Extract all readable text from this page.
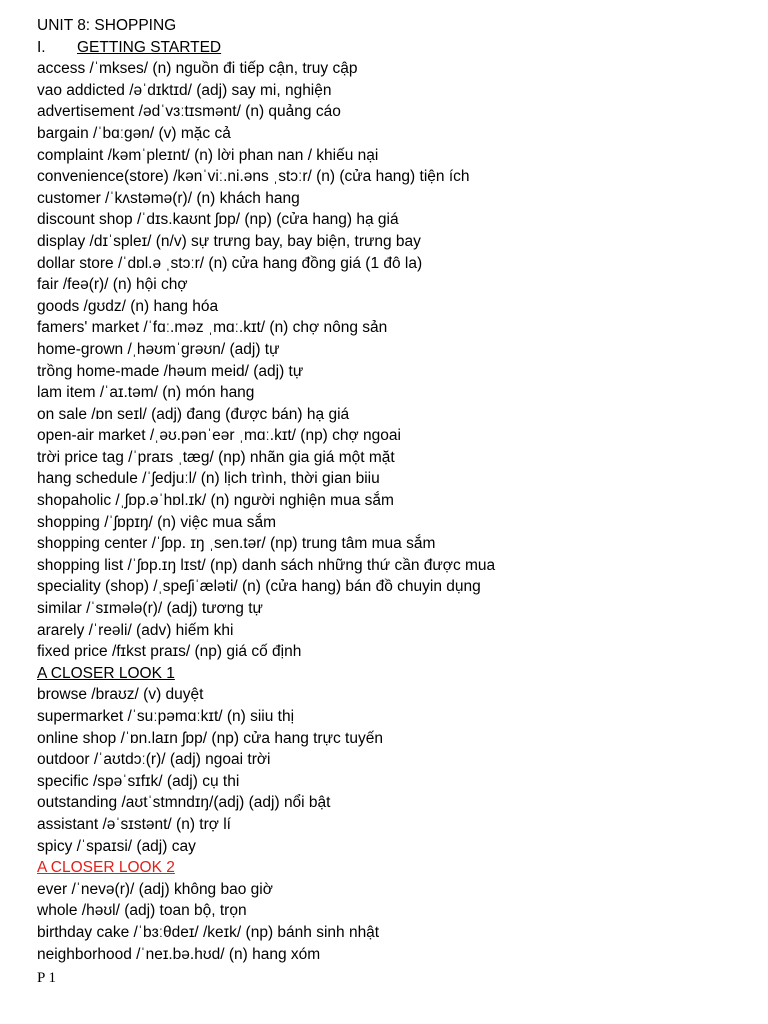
UNIT 8: SHOPPING
I. GETTING STARTED
access /ˈmkses/ (n) nguồn đi tiếp cận, truy cập
vao addicted /əˈdɪktɪd/ (adj) say mi, nghiện
advertisement /ədˈvɜːtɪsmənt/ (n) quảng cáo
bargain /ˈbɑːɡən/ (v) mặc cả
complaint /kəmˈpleɪnt/ (n) lời phan nan / khiếu nại
convenience(store) /kənˈviː.ni.əns ˌstɔːr/ (n) (cửa hang) tiện ích
customer /ˈkʌstəmə(r)/ (n) khách hang
discount shop /ˈdɪs.kaʊnt ʃɒp/ (np) (cửa hang) hạ giá
display /dɪˈspleɪ/ (n/v) sự trưng bay, bay biện, trưng bay
dollar store /ˈdɒl.ə ˌstɔːr/ (n) cửa hang đồng giá (1 đô la)
fair /feə(r)/ (n) hội chợ
goods /ɡʊdz/ (n) hang hóa
famers' market /ˈfɑː.məz ˌmɑː.kɪt/ (n) chợ nông sản
home-grown /ˌhəʊmˈɡrəʊn/ (adj) tự
trồng home-made /həum meid/ (adj) tự
lam item /ˈaɪ.təm/ (n) món hang
on sale /ɒn seɪl/ (adj) đang (được bán) hạ giá
open-air market /ˌəʊ.pənˈeər ˌmɑː.kɪt/ (np) chợ ngoai
trời price tag /ˈpraɪs ˌtæɡ/ (np) nhãn gia giá một mặt
hang schedule /ˈʃedjuːl/ (n) lịch trình, thời gian biiu
shopaholic /ˌʃɒp.əˈhɒl.ɪk/ (n) người nghiện mua sắm
shopping /ˈʃɒpɪŋ/ (n) việc mua sắm
shopping center /ˈʃɒp. ɪŋ ˌsen.tər/ (np) trung tâm mua sắm
shopping list /ˈʃɒp.ɪŋ lɪst/ (np) danh sách những thứ cần được mua
speciality (shop) /ˌspeʃiˈæləti/ (n) (cửa hang) bán đồ chuyin dụng
similar /ˈsɪmələ(r)/ (adj) tương tự
ararely /ˈreəli/ (adv) hiếm khi
fixed price /fɪkst praɪs/ (np) giá cố định
A CLOSER LOOK 1
browse /braʊz/ (v) duyệt
supermarket /ˈsuːpəmɑːkɪt/ (n) siiu thị
online shop /ˈɒn.laɪn ʃɒp/ (np) cửa hang trực tuyến
outdoor /ˈaʊtdɔː(r)/ (adj) ngoai trời
specific /spəˈsɪfɪk/ (adj) cụ thi
outstanding /aʊtˈstmndɪŋ/(adj) (adj) nổi bật
assistant /əˈsɪstənt/ (n) trợ lí
spicy /ˈspaɪsi/ (adj) cay
A CLOSER LOOK 2
ever /ˈnevə(r)/ (adj) không bao giờ
whole /həʊl/ (adj) toan bộ, trọn
birthday cake /ˈbɜːθdeɪ/ /keɪk/ (np) bánh sinh nhật
neighborhood /ˈneɪ.bə.hʊd/ (n) hang xóm
P 1
